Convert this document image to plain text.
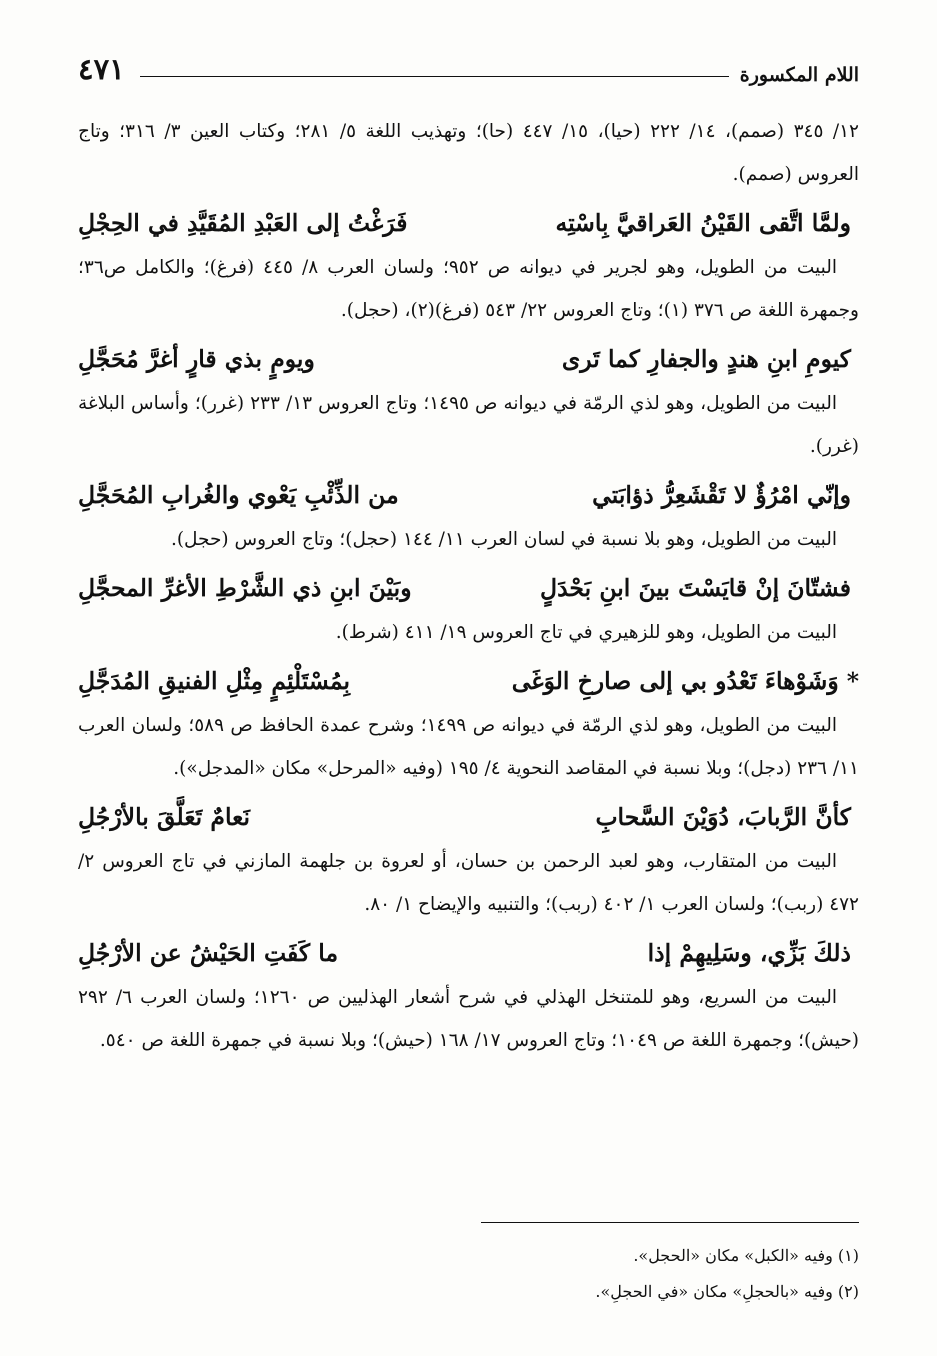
اللام المكسورة
٤٧١

١٢/ ٣٤٥ (صمم)، ١٤/ ٢٢٢ (حيا)، ١٥/ ٤٤٧ (حا)؛ وتهذيب اللغة ٥/ ٢٨١؛ وكتاب العين ٣/ ٣١٦؛ وتاج العروس (صمم).

ولمَّا اتَّقى القَيْنُ العَراقيَّ بِاسْتِه
فَرَغْتُ إلى العَبْدِ المُقَيَّدِ في الحِجْلِ

البيت من الطويل، وهو لجرير في ديوانه ص ٩٥٢؛ ولسان العرب ٨/ ٤٤٥ (فرغ)؛ والكامل ص٣٦؛ وجمهرة اللغة ص ٣٧٦ (١)؛ وتاج العروس ٢٢/ ٥٤٣ (فرغ)(٢)، (حجل).

كيومِ ابنِ هندٍ والجفارِ كما تَرى
ويومٍ بذي قارٍ أغرَّ مُحَجَّلِ

البيت من الطويل، وهو لذي الرمّة في ديوانه ص ١٤٩٥؛ وتاج العروس ١٣/ ٢٣٣ (غرر)؛ وأساس البلاغة (غرر).

وإنّي امْرُؤٌ لا تَقْشَعِرُّ ذؤابَتي
من الذِّئْبِ يَعْوي والغُرابِ المُحَجَّلِ

البيت من الطويل، وهو بلا نسبة في لسان العرب ١١/ ١٤٤ (حجل)؛ وتاج العروس (حجل).

فشتّانَ إنْ قايَسْتَ بينَ ابنِ بَحْدَلٍ
وبَيْنَ ابنِ ذي الشَّرْطِ الأغرِّ المحجَّلِ

البيت من الطويل، وهو للزهيري في تاج العروس ١٩/ ٤١١ (شرط).

*وَشَوْهاءَ تَعْدُو بي إلى صارخِ الوَغَى
بِمُسْتَلْئِمٍ مِثْلِ الفنيقِ المُدَجَّلِ

البيت من الطويل، وهو لذي الرمّة في ديوانه ص ١٤٩٩؛ وشرح عمدة الحافظ ص ٥٨٩؛ ولسان العرب ١١/ ٢٣٦ (دجل)؛ وبلا نسبة في المقاصد النحوية ٤/ ١٩٥ (وفيه «المرحل» مكان «المدجل»).

كأنَّ الرَّبابَ، دُوَيْنَ السَّحابِ
نَعامٌ تَعَلَّقَ بالأرْجُلِ

البيت من المتقارب، وهو لعبد الرحمن بن حسان، أو لعروة بن جلهمة المازني في تاج العروس ٢/ ٤٧٢ (ربب)؛ ولسان العرب ١/ ٤٠٢ (ربب)؛ والتنبيه والإيضاح ١/ ٨٠.

ذلكَ بَزِّي، وسَلِيهِمْ إذا
ما كَفَتِ الحَيْشُ عن الأرْجُلِ

البيت من السريع، وهو للمتنخل الهذلي في شرح أشعار الهذليين ص ١٢٦٠؛ ولسان العرب ٦/ ٢٩٢ (حيش)؛ وجمهرة اللغة ص ١٠٤٩؛ وتاج العروس ١٧/ ١٦٨ (حيش)؛ وبلا نسبة في جمهرة اللغة ص ٥٤٠.

(١) وفيه «الكبل» مكان «الحجل».

(٢) وفيه «بالحجلِ» مكان «في الحجلِ».
